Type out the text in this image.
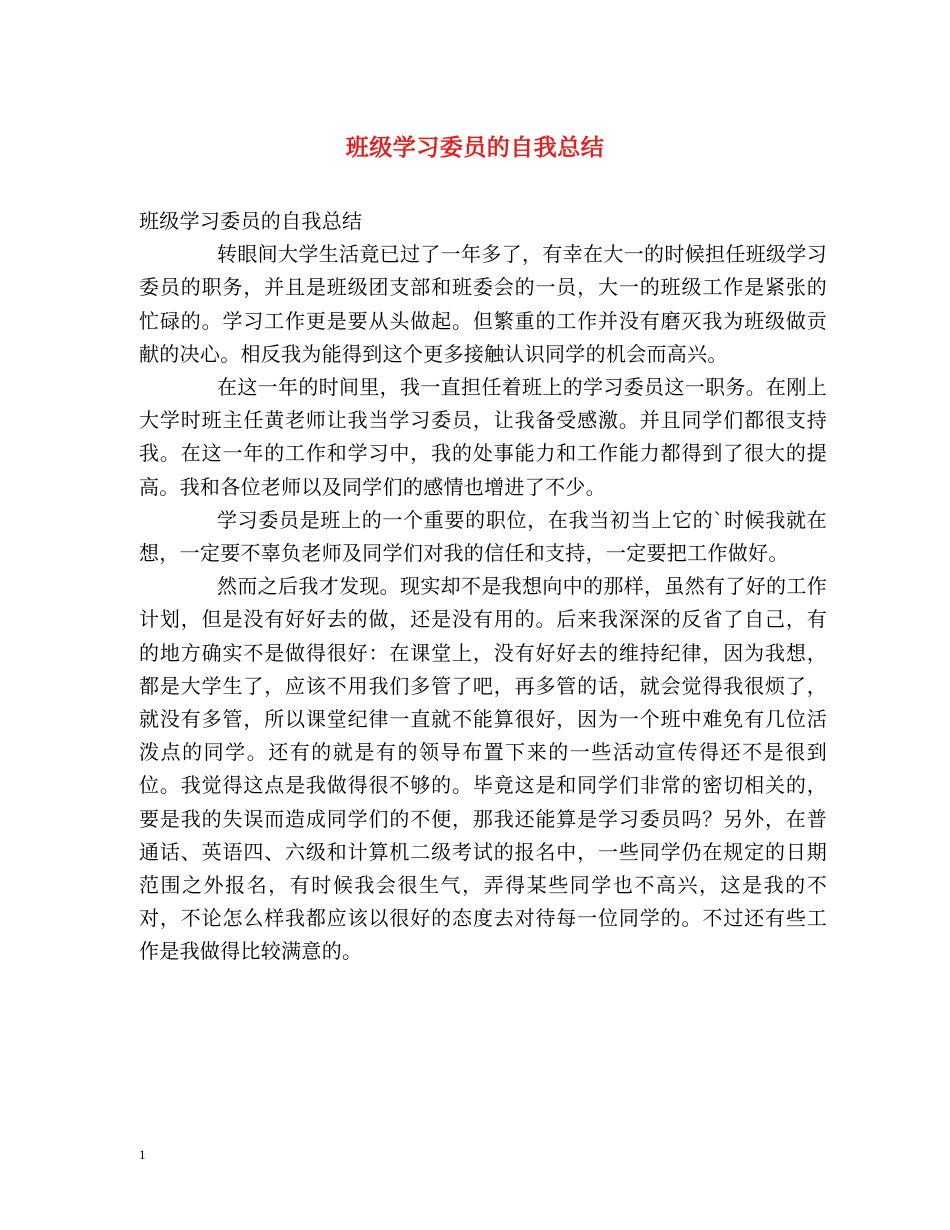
班级学习委员的自我总结

班级学习委员的自我总结

转眼间大学生活竟已过了一年多了，有幸在大一的时候担任班级学习委员的职务，并且是班级团支部和班委会的一员，大一的班级工作是紧张的忙碌的。学习工作更是要从头做起。但繁重的工作并没有磨灭我为班级做贡献的决心。相反我为能得到这个更多接触认识同学的机会而高兴。

在这一年的时间里，我一直担任着班上的学习委员这一职务。在刚上大学时班主任黄老师让我当学习委员，让我备受感激。并且同学们都很支持我。在这一年的工作和学习中，我的处事能力和工作能力都得到了很大的提高。我和各位老师以及同学们的感情也增进了不少。

学习委员是班上的一个重要的职位，在我当初当上它的`时候我就在想，一定要不辜负老师及同学们对我的信任和支持，一定要把工作做好。

然而之后我才发现。现实却不是我想向中的那样，虽然有了好的工作计划，但是没有好好去的做，还是没有用的。后来我深深的反省了自己，有的地方确实不是做得很好：在课堂上，没有好好去的维持纪律，因为我想，都是大学生了，应该不用我们多管了吧，再多管的话，就会觉得我很烦了，就没有多管，所以课堂纪律一直就不能算很好，因为一个班中难免有几位活泼点的同学。还有的就是有的领导布置下来的一些活动宣传得还不是很到位。我觉得这点是我做得很不够的。毕竟这是和同学们非常的密切相关的，要是我的失误而造成同学们的不便，那我还能算是学习委员吗？另外，在普通话、英语四、六级和计算机二级考试的报名中，一些同学仍在规定的日期范围之外报名，有时候我会很生气，弄得某些同学也不高兴，这是我的不对，不论怎么样我都应该以很好的态度去对待每一位同学的。不过还有些工作是我做得比较满意的。

1
